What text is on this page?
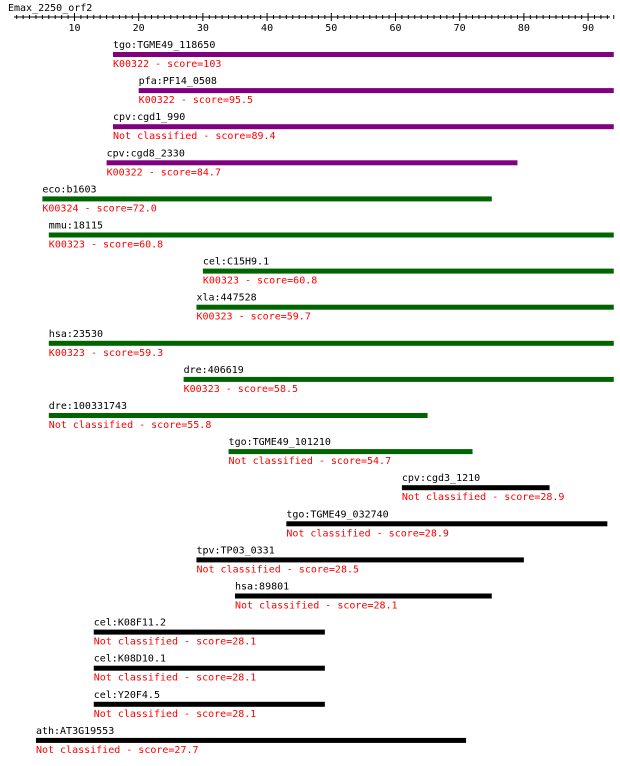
Emax_2250_orf2
10	20	30	40	50	60	70	80	90
tgo:TGME49_118650
K00322 - score=103
pfa:PF14_0508
K00322 - score=95.5
cpv:cgd1_990
Not classified - score=89.4
cpv:cgd8_2330
K00322 - score=84.7
eco:b1603
K00324 - score=72.0
mmu:18115
K00323 - score=60.8
cel:C15H9.1
K00323 - score=60.8
xla:447528
K00323 - score=59.7
hsa:23530
K00323 - score=59.3
dre:406619
K00323 - score=58.5
dre:100331743
Not classified - score=55.8
tgo:TGME49_101210
Not classified - score=54.7
cpv:cgd3_1210
Not classified - score=28.9
tgo:TGME49_032740
Not classified - score=28.9
tpv:TP03_0331
Not classified - score=28.5
hsa:89801
Not classified - score=28.1
cel:K08F11.2
Not classified - score=28.1
cel:K08D10.1
Not classified - score=28.1
cel:Y20F4.5
Not classified - score=28.1
ath:AT3G19553
Not classified - score=27.7
